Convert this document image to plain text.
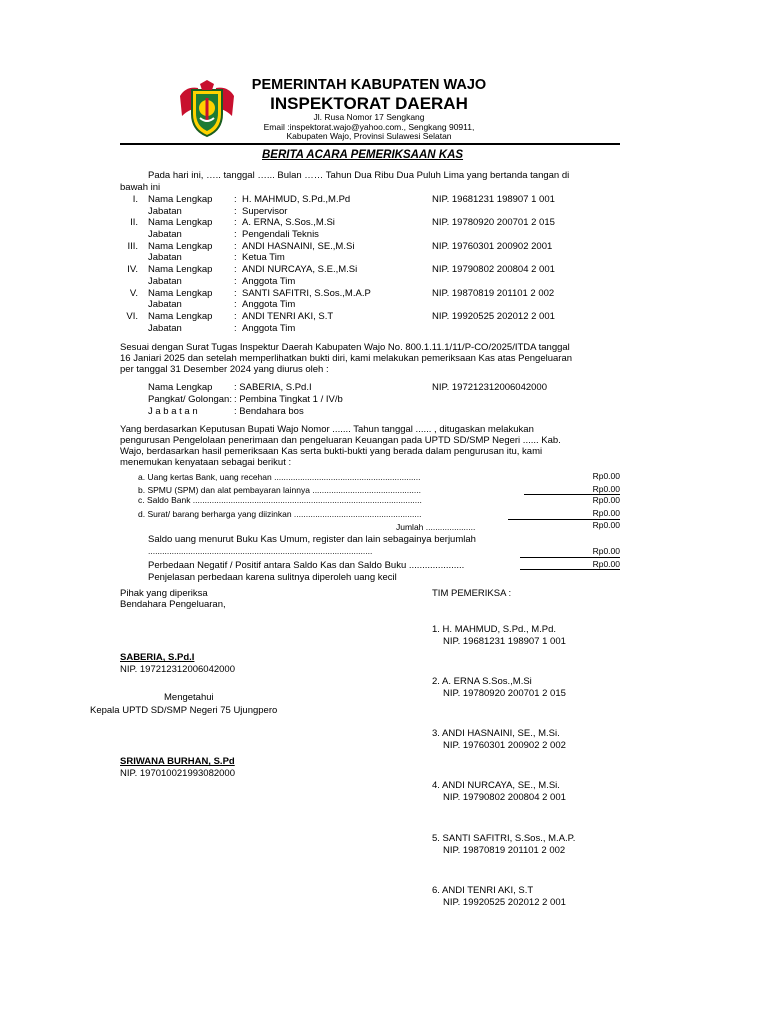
PEMERINTAH KABUPATEN WAJO
INSPEKTORAT DAERAH
Jl. Rusa Nomor 17 Sengkang
Email :inspektorat.wajo@yahoo.com., Sengkang 90911,
Kabupaten Wajo, Provinsi Sulawesi Selatan
BERITA ACARA PEMERIKSAAN KAS
Pada hari ini, ….. tanggal …... Bulan …… Tahun Dua Ribu Dua Puluh Lima yang bertanda tangan di
bawah ini
I. Nama Lengkap : H. MAHMUD, S.Pd.,M.Pd	NIP. 19681231 198907 1 001
Jabatan	: Supervisor
II. Nama Lengkap : A. ERNA, S.Sos.,M.Si	NIP. 19780920 200701 2 015
Jabatan	: Pengendali Teknis
III. Nama Lengkap : ANDI HASNAINI, SE.,M.Si	NIP. 19760301 200902 2001
Jabatan	: Ketua Tim
IV. Nama Lengkap : ANDI NURCAYA, S.E.,M.Si	NIP. 19790802 200804 2 001
Jabatan	: Anggota Tim
V. Nama Lengkap : SANTI SAFITRI, S.Sos.,M.A.P	NIP. 19870819 201101 2 002
Jabatan	: Anggota Tim
VI. Nama Lengkap : ANDI TENRI AKI, S.T	NIP. 19920525 202012 2 001
Jabatan	: Anggota Tim
Sesuai dengan Surat Tugas Inspektur Daerah Kabupaten Wajo No. 800.1.11.1/11/P-CO/2025/ITDA tanggal
16 Janiari 2025 dan setelah memperlihatkan bukti diri, kami melakukan pemeriksaan Kas atas Pengeluaran
per tanggal 31 Desember 2024 yang diurus oleh :
Nama Lengkap : SABERIA, S.Pd.I	NIP. 197212312006042000
Pangkat/ Golongan: : Pembina Tingkat 1 / IV/b
J a b a t a n	: Bendahara bos
Yang berdasarkan Keputusan Bupati Wajo Nomor ....... Tahun tanggal ...... , ditugaskan melakukan
pengurusan Pengelolaan penerimaan dan pengeluaran Keuangan pada UPTD SD/SMP Negeri ...... Kab.
Wajo, berdasarkan hasil pemeriksaan Kas serta bukti-bukti yang berada dalam pengurusan itu, kami
menemukan kenyataan sebagai berikut :
a. Uang kertas Bank, uang recehan ..............................................................	Rp0.00
b. SPMU (SPM) dan alat pembayaran lainnya ..............................................	Rp0.00
c. Saldo Bank .................................................................................................	Rp0.00
d. Surat/ barang berharga yang diizinkan ......................................................	Rp0.00
Jumlah .....................	Rp0.00
Saldo uang menurut Buku Kas Umum, register dan lain sebagainya berjumlah
...............................................................................................	Rp0.00
Perbedaan Negatif / Positif antara Saldo Kas dan Saldo Buku .....................	Rp0.00
Penjelasan perbedaan karena sulitnya diperoleh uang kecil
Pihak yang diperiksa
Bendahara Pengeluaran,
SABERIA, S.Pd.I
NIP. 197212312006042000
Mengetahui
Kepala UPTD SD/SMP Negeri 75 Ujungpero
SRIWANA BURHAN, S.Pd
NIP. 197010021993082000
TIM PEMERIKSA :
1. H. MAHMUD, S.Pd., M.Pd.
NIP. 19681231 198907 1 001
2. A. ERNA S.Sos.,M.Si
NIP. 19780920 200701 2 015
3. ANDI HASNAINI, SE., M.Si.
NIP. 19760301 200902 2 002
4. ANDI NURCAYA, SE., M.Si.
NIP. 19790802 200804 2 001
5. SANTI SAFITRI, S.Sos., M.A.P.
NIP. 19870819 201101 2 002
6. ANDI TENRI AKI, S.T
NIP. 19920525 202012 2 001
